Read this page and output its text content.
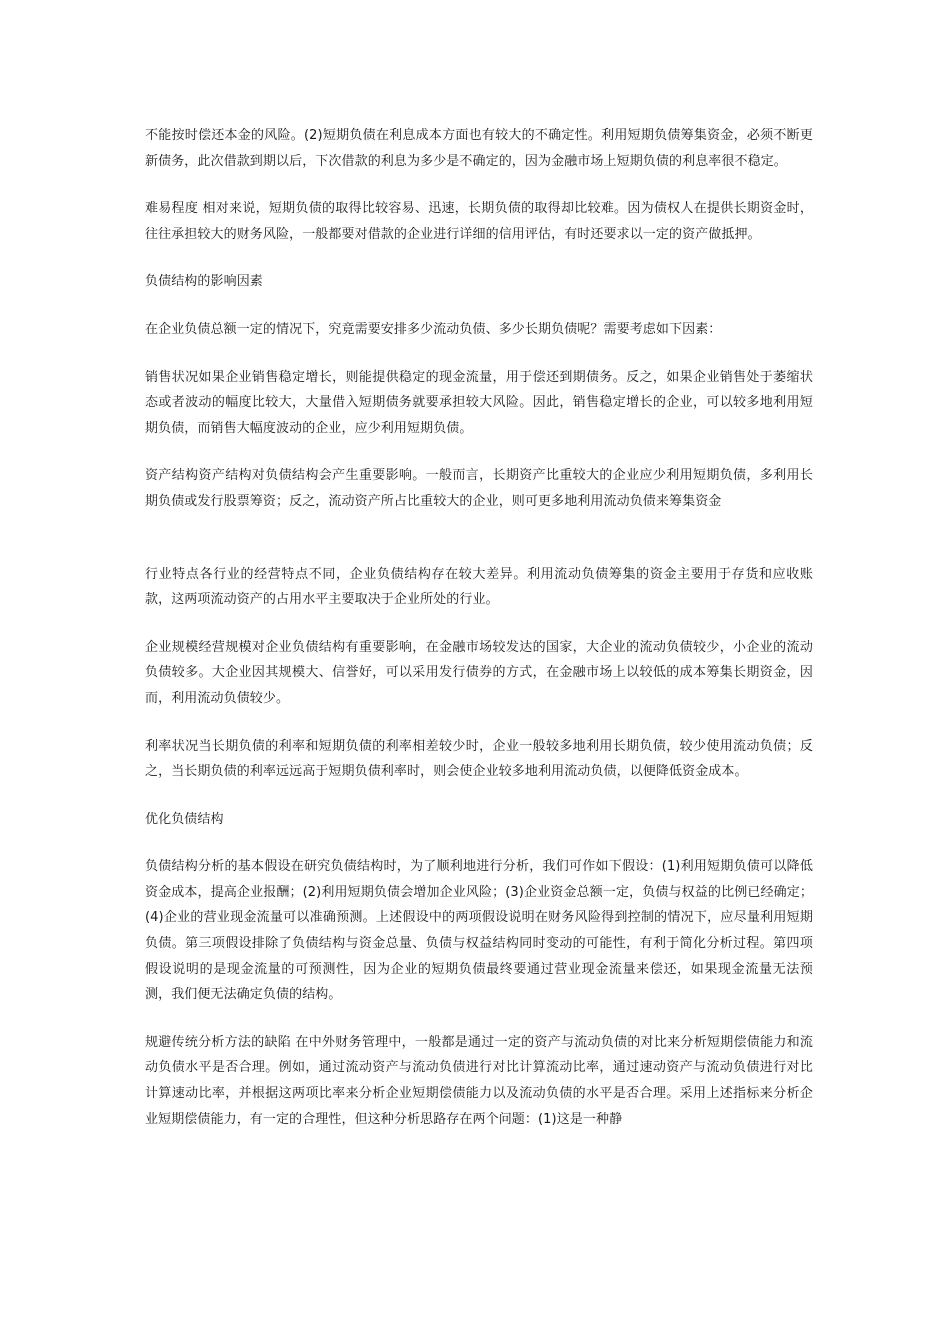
不能按时偿还本金的风险。(2)短期负债在利息成本方面也有较大的不确定性。利用短期负债筹集资金，必须不断更新债务，此次借款到期以后，下次借款的利息为多少是不确定的，因为金融市场上短期负债的利息率很不稳定。

难易程度 相对来说，短期负债的取得比较容易、迅速，长期负债的取得却比较难。因为债权人在提供长期资金时，往往承担较大的财务风险，一般都要对借款的企业进行详细的信用评估，有时还要求以一定的资产做抵押。

负债结构的影响因素

在企业负债总额一定的情况下，究竟需要安排多少流动负债、多少长期负债呢？需要考虑如下因素：

销售状况如果企业销售稳定增长，则能提供稳定的现金流量，用于偿还到期债务。反之，如果企业销售处于萎缩状态或者波动的幅度比较大，大量借入短期债务就要承担较大风险。因此，销售稳定增长的企业，可以较多地利用短期负债，而销售大幅度波动的企业，应少利用短期负债。

资产结构资产结构对负债结构会产生重要影响。一般而言，长期资产比重较大的企业应少利用短期负债，多利用长期负债或发行股票筹资；反之，流动资产所占比重较大的企业，则可更多地利用流动负债来筹集资金

行业特点各行业的经营特点不同，企业负债结构存在较大差异。利用流动负债筹集的资金主要用于存货和应收账款，这两项流动资产的占用水平主要取决于企业所处的行业。

企业规模经营规模对企业负债结构有重要影响，在金融市场较发达的国家，大企业的流动负债较少，小企业的流动负债较多。大企业因其规模大、信誉好，可以采用发行债券的方式，在金融市场上以较低的成本筹集长期资金，因而，利用流动负债较少。

利率状况当长期负债的利率和短期负债的利率相差较少时，企业一般较多地利用长期负债，较少使用流动负债；反之，当长期负债的利率远远高于短期负债利率时，则会使企业较多地利用流动负债，以便降低资金成本。

优化负债结构

负债结构分析的基本假设在研究负债结构时，为了顺利地进行分析，我们可作如下假设：(1)利用短期负债可以降低资金成本，提高企业报酬；(2)利用短期负债会增加企业风险；(3)企业资金总额一定，负债与权益的比例已经确定；(4)企业的营业现金流量可以准确预测。上述假设中的两项假设说明在财务风险得到控制的情况下，应尽量利用短期负债。第三项假设排除了负债结构与资金总量、负债与权益结构同时变动的可能性，有利于简化分析过程。第四项假设说明的是现金流量的可预测性，因为企业的短期负债最终要通过营业现金流量来偿还，如果现金流量无法预测，我们便无法确定负债的结构。

规避传统分析方法的缺陷 在中外财务管理中，一般都是通过一定的资产与流动负债的对比来分析短期偿债能力和流动负债水平是否合理。例如，通过流动资产与流动负债进行对比计算流动比率，通过速动资产与流动负债进行对比计算速动比率，并根据这两项比率来分析企业短期偿债能力以及流动负债的水平是否合理。采用上述指标来分析企业短期偿债能力，有一定的合理性，但这种分析思路存在两个问题：(1)这是一种静
